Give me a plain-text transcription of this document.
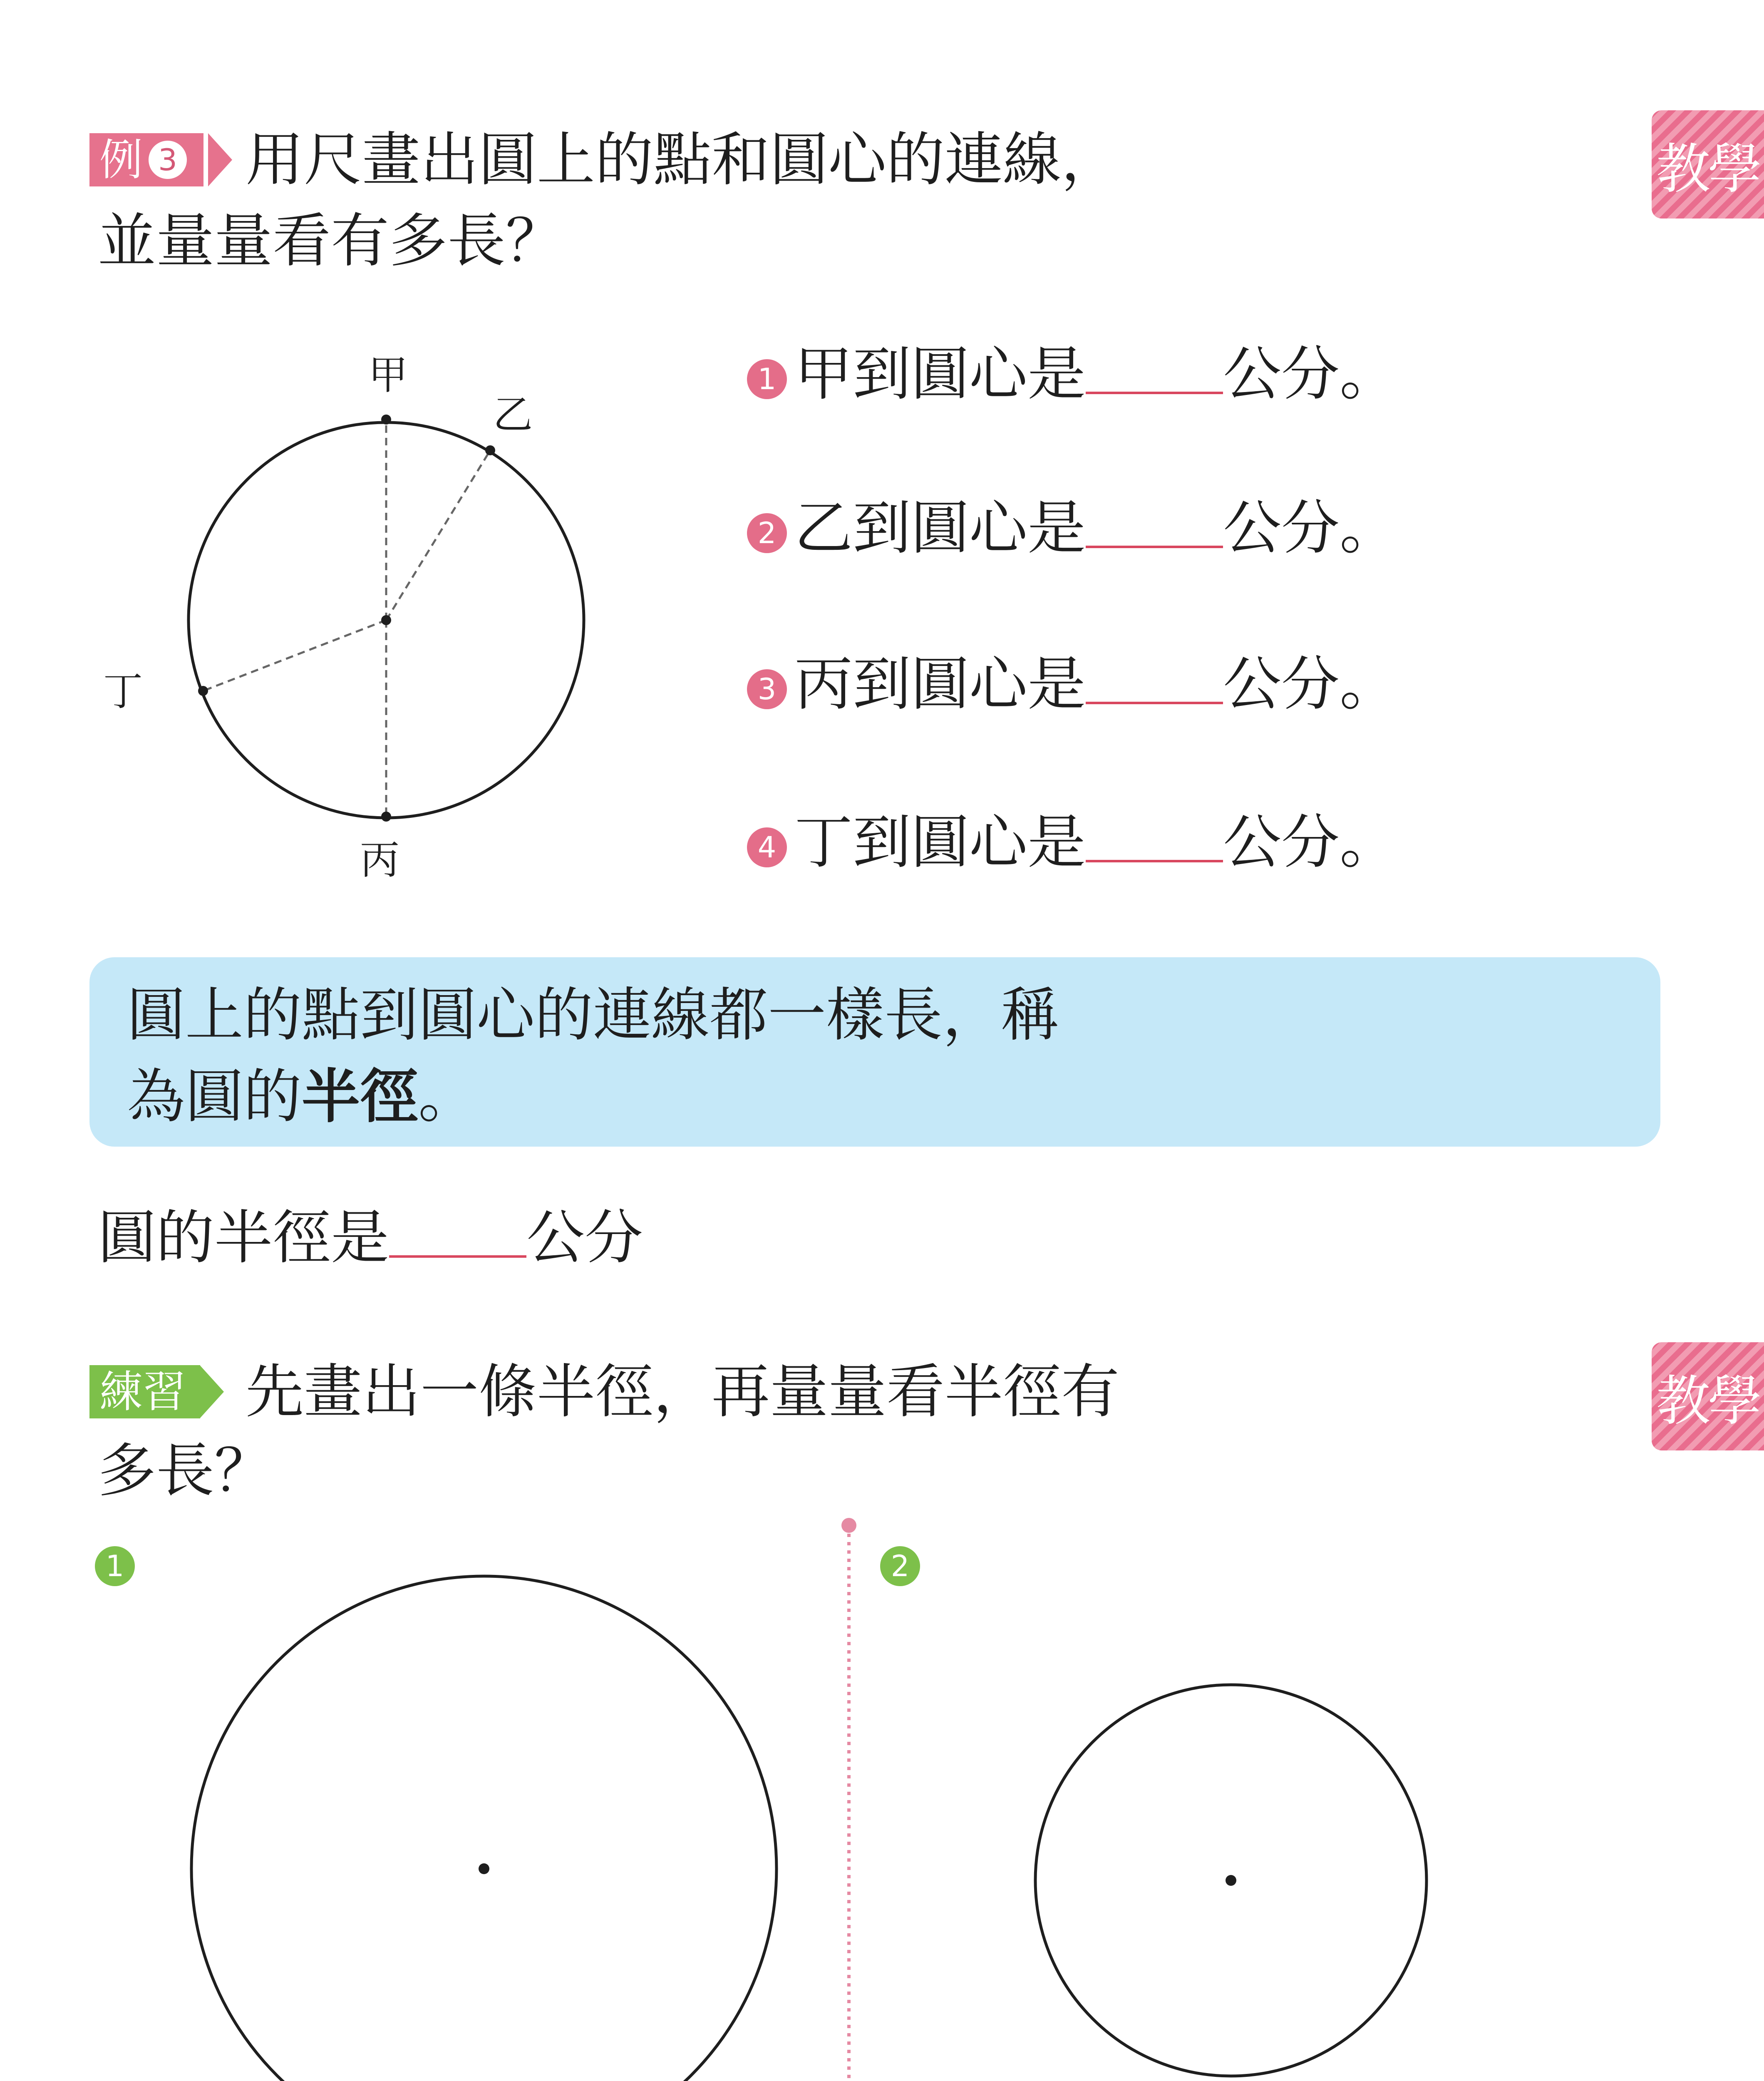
例 3 用尺畫出圓上的點和圓心的連線，
並量量看有多長？
教學
甲
乙
丁
丙
1 甲到圓心是 公分。
2 乙到圓心是 公分。
3 丙到圓心是 公分。
4 丁到圓心是 公分。
圓上的點到圓心的連線都一樣長，稱
為圓的半徑。
圓的半徑是 公分
練習 先畫出一條半徑，再量量看半徑有
多長？
教學
1	2
